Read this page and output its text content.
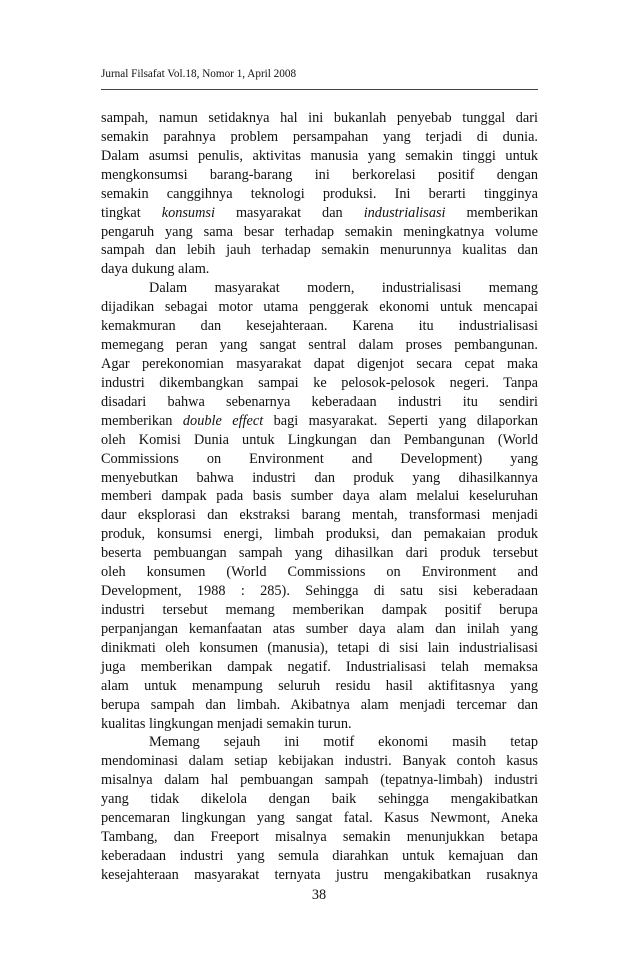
Jurnal Filsafat Vol.18, Nomor 1, April 2008
sampah, namun setidaknya hal ini bukanlah penyebab tunggal dari
semakin parahnya problem persampahan yang terjadi di dunia.
Dalam asumsi penulis, aktivitas manusia yang semakin tinggi untuk
mengkonsumsi barang-barang ini berkorelasi positif dengan
semakin canggihnya teknologi produksi. Ini berarti tingginya
tingkat konsumsi masyarakat dan industrialisasi memberikan
pengaruh yang sama besar terhadap semakin meningkatnya volume
sampah dan lebih jauh terhadap semakin menurunnya kualitas dan
daya dukung alam.
Dalam masyarakat modern, industrialisasi memang
dijadikan sebagai motor utama penggerak ekonomi untuk mencapai
kemakmuran dan kesejahteraan. Karena itu industrialisasi
memegang peran yang sangat sentral dalam proses pembangunan.
Agar perekonomian masyarakat dapat digenjot secara cepat maka
industri dikembangkan sampai ke pelosok-pelosok negeri. Tanpa
disadari bahwa sebenarnya keberadaan industri itu sendiri
memberikan double effect bagi masyarakat. Seperti yang dilaporkan
oleh Komisi Dunia untuk Lingkungan dan Pembangunan (World
Commissions on Environment and Development) yang
menyebutkan bahwa industri dan produk yang dihasilkannya
memberi dampak pada basis sumber daya alam melalui keseluruhan
daur eksplorasi dan ekstraksi barang mentah, transformasi menjadi
produk, konsumsi energi, limbah produksi, dan pemakaian produk
beserta pembuangan sampah yang dihasilkan dari produk tersebut
oleh konsumen (World Commissions on Environment and
Development, 1988 : 285). Sehingga di satu sisi keberadaan
industri tersebut memang memberikan dampak positif berupa
perpanjangan kemanfaatan atas sumber daya alam dan inilah yang
dinikmati oleh konsumen (manusia), tetapi di sisi lain industrialisasi
juga memberikan dampak negatif. Industrialisasi telah memaksa
alam untuk menampung seluruh residu hasil aktifitasnya yang
berupa sampah dan limbah. Akibatnya alam menjadi tercemar dan
kualitas lingkungan menjadi semakin turun.
Memang sejauh ini motif ekonomi masih tetap
mendominasi dalam setiap kebijakan industri. Banyak contoh kasus
misalnya dalam hal pembuangan sampah (tepatnya-limbah) industri
yang tidak dikelola dengan baik sehingga mengakibatkan
pencemaran lingkungan yang sangat fatal. Kasus Newmont, Aneka
Tambang, dan Freeport misalnya semakin menunjukkan betapa
keberadaan industri yang semula diarahkan untuk kemajuan dan
kesejahteraan masyarakat ternyata justru mengakibatkan rusaknya
38
